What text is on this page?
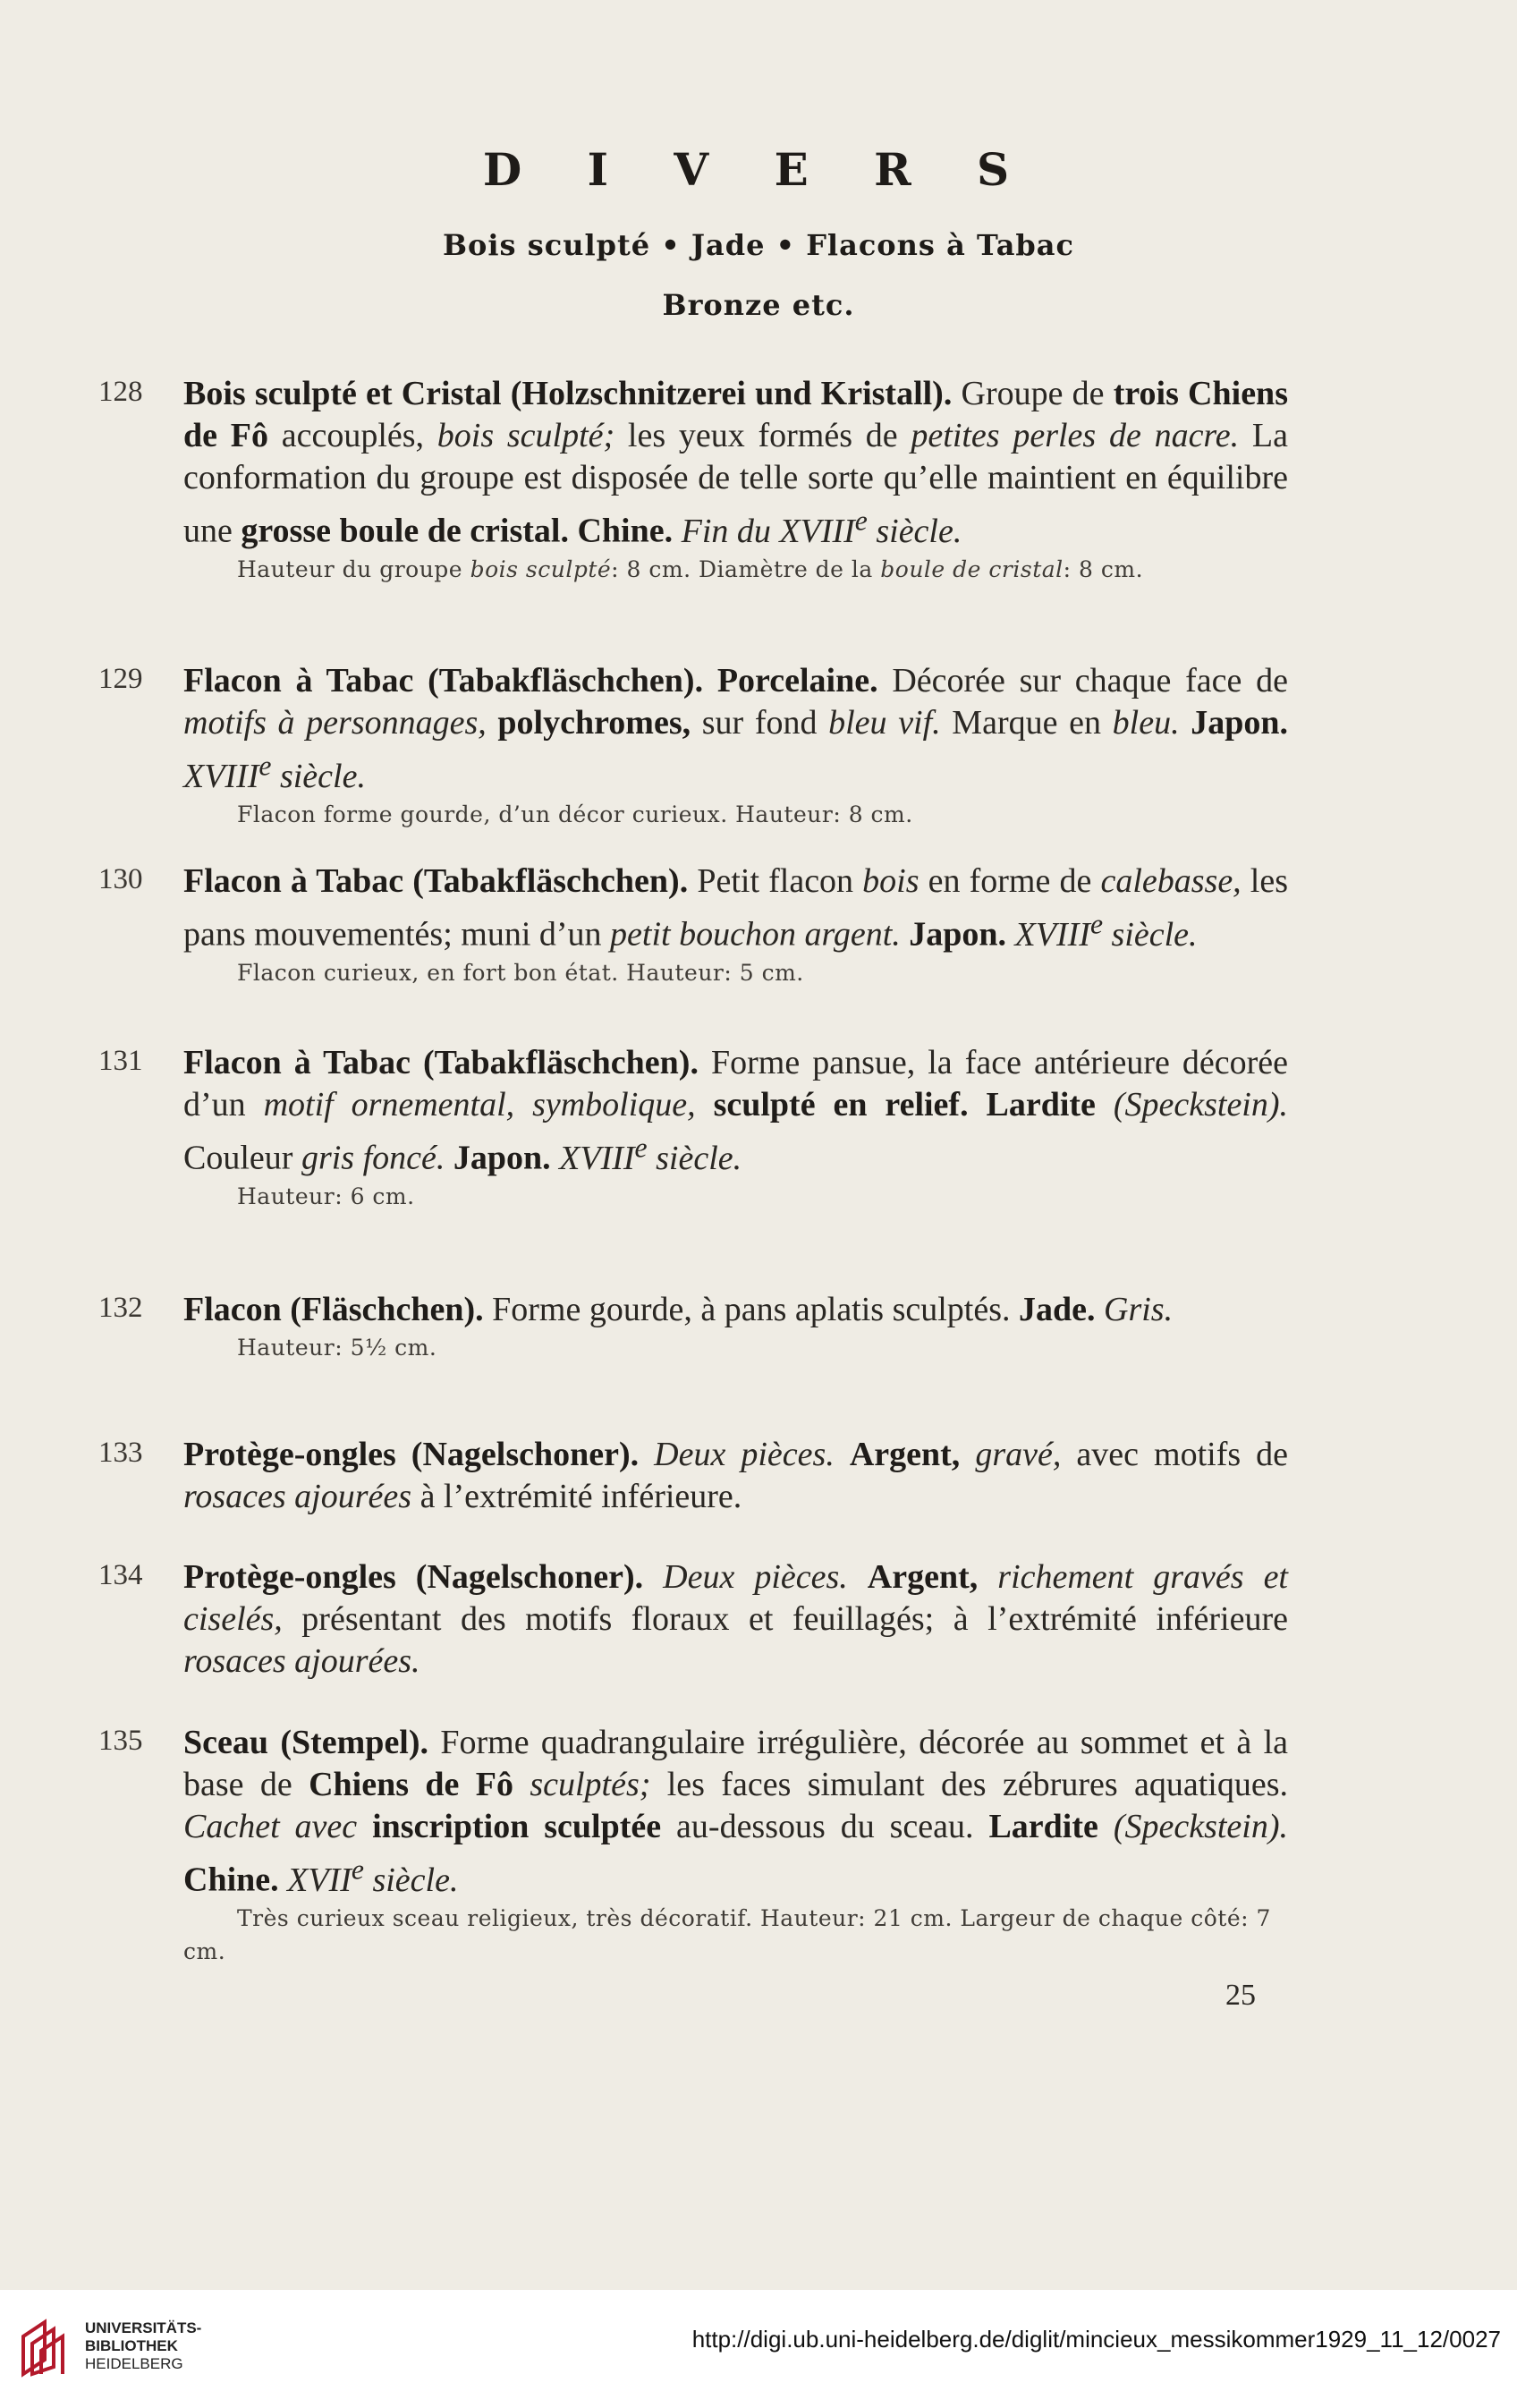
D I V E R S
Bois sculpté • Jade • Flacons à Tabac
Bronze etc.
128	Bois sculpté et Cristal (Holzschnitzerei und Kristall). Groupe de trois Chiens de Fô accouplés, bois sculpté; les yeux formés de petites perles de nacre. La conformation du groupe est disposée de telle sorte qu’elle maintient en équilibre une grosse boule de cristal. Chine. Fin du XVIIIe siècle.
Hauteur du groupe bois sculpté: 8 cm. Diamètre de la boule de cristal: 8 cm.
129	Flacon à Tabac (Tabakfläschchen). Porcelaine. Décorée sur chaque face de motifs à personnages, polychromes, sur fond bleu vif. Marque en bleu. Japon. XVIIIe siècle.
Flacon forme gourde, d’un décor curieux. Hauteur: 8 cm.
130	Flacon à Tabac (Tabakfläschchen). Petit flacon bois en forme de calebasse, les pans mouvementés; muni d’un petit bouchon argent. Japon. XVIIIe siècle.
Flacon curieux, en fort bon état. Hauteur: 5 cm.
131	Flacon à Tabac (Tabakfläschchen). Forme pansue, la face antérieure décorée d’un motif ornemental, symbolique, sculpté en relief. Lardite (Speckstein). Couleur gris foncé. Japon. XVIIIe siècle.
Hauteur: 6 cm.
132	Flacon (Fläschchen). Forme gourde, à pans aplatis sculptés. Jade. Gris.
Hauteur: 5½ cm.
133	Protège-ongles (Nagelschoner). Deux pièces. Argent, gravé, avec motifs de rosaces ajourées à l’extrémité inférieure.
134	Protège-ongles (Nagelschoner). Deux pièces. Argent, richement gravés et ciselés, présentant des motifs floraux et feuillagés; à l’extrémité inférieure rosaces ajourées.
135	Sceau (Stempel). Forme quadrangulaire irrégulière, décorée au sommet et à la base de Chiens de Fô sculptés; les faces simulant des zébrures aquatiques. Cachet avec inscription sculptée au-dessous du sceau. Lardite (Speckstein). Chine. XVIIe siècle.
Très curieux sceau religieux, très décoratif. Hauteur: 21 cm. Largeur de chaque côté: 7 cm.
25
UNIVERSITÄTS-
BIBLIOTHEK
HEIDELBERG
http://digi.ub.uni-heidelberg.de/diglit/mincieux_messikommer1929_11_12/0027
